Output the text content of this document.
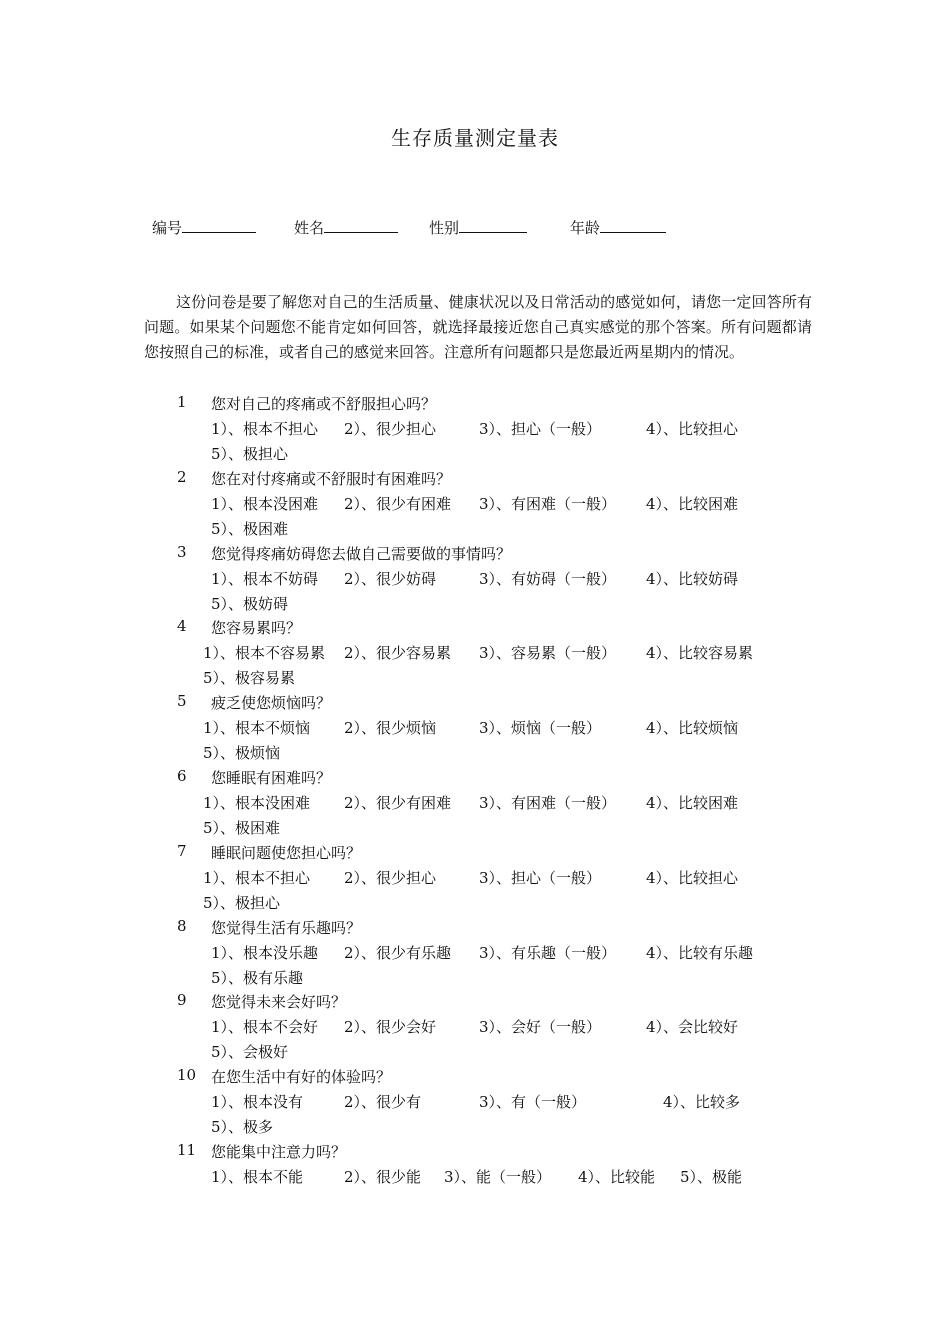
生存质量测定量表
编号	姓名	性别	年龄
这份问卷是要了解您对自己的生活质量、健康状况以及日常活动的感觉如何，请您一定回答所有问题。如果某个问题您不能肯定如何回答，就选择最接近您自己真实感觉的那个答案。所有问题都请您按照自己的标准，或者自己的感觉来回答。注意所有问题都只是您最近两星期内的情况。
1 您对自己的疼痛或不舒服担心吗？
1）、根本不担心 2）、很少担心	3）、担心（一般）	4）、比较担心
5）、极担心
2 您在对付疼痛或不舒服时有困难吗？
1）、根本没困难 2）、很少有困难 3）、有困难（一般） 4）、比较困难
5）、极困难
3 您觉得疼痛妨碍您去做自己需要做的事情吗？
1）、根本不妨碍 2）、很少妨碍	3）、有妨碍（一般） 4）、比较妨碍
5）、极妨碍
4 您容易累吗？
1）、根本不容易累 2）、很少容易累 3）、容易累（一般） 4）、比较容易累
5）、极容易累
5 疲乏使您烦恼吗？
1）、根本不烦恼 2）、很少烦恼	3）、烦恼（一般）	4）、比较烦恼
5）、极烦恼
6 您睡眠有困难吗？
1）、根本没困难 2）、很少有困难 3）、有困难（一般） 4）、比较困难
5）、极困难
7 睡眠问题使您担心吗？
1）、根本不担心 2）、很少担心	3）、担心（一般）	4）、比较担心
5）、极担心
8 您觉得生活有乐趣吗？
1）、根本没乐趣 2）、很少有乐趣 3）、有乐趣（一般） 4）、比较有乐趣
5）、极有乐趣
9 您觉得未来会好吗？
1）、根本不会好 2）、很少会好	3）、会好（一般）	4）、会比较好
5）、会极好
10 在您生活中有好的体验吗？
1）、根本没有	2）、很少有	3）、有（一般）	4）、比较多
5）、极多
11 您能集中注意力吗？
1）、根本不能	2）、很少能 3）、能（一般） 4）、比较能 5）、极能
